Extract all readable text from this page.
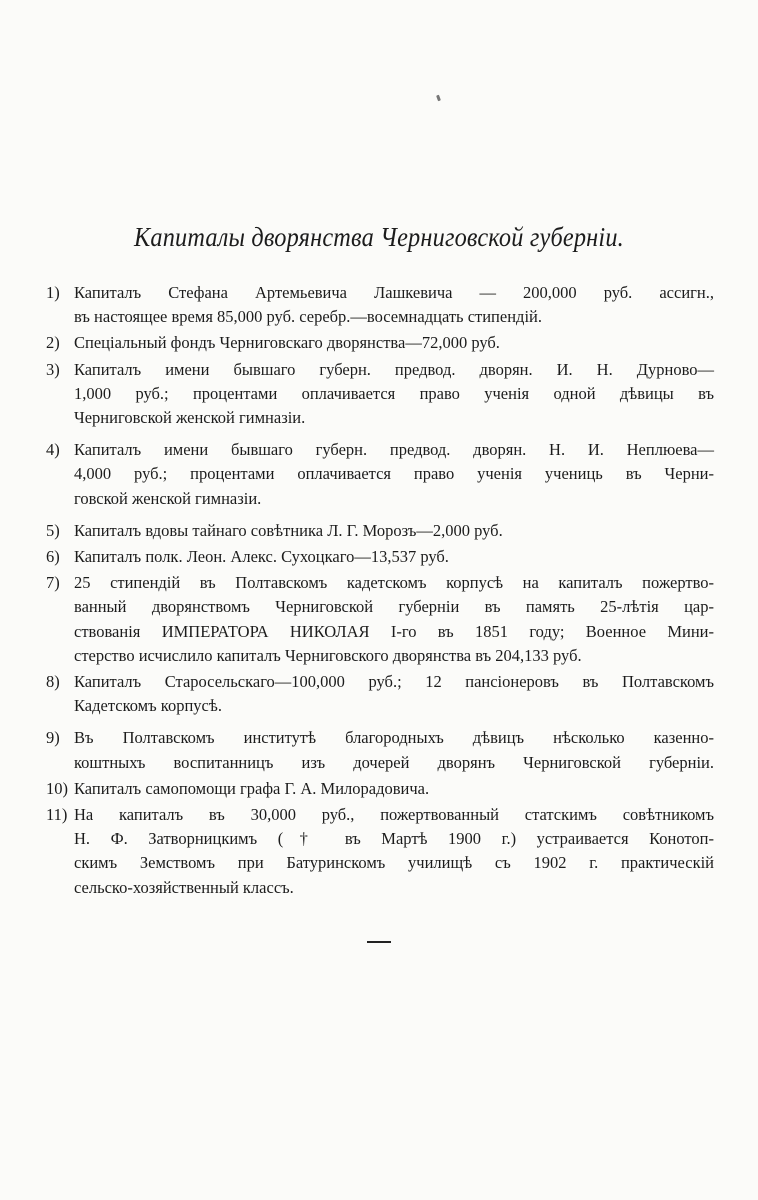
Капиталы дворянства Черниговской губерніи.
1) Капиталъ Стефана Артемьевича Лашкевича — 200,000 руб. ассигн.,
въ настоящее время 85,000 руб. серебр.—восемнадцать стипендій.
2) Спеціальный фондъ Черниговскаго дворянства—72,000 руб.
3) Капиталъ имени бывшаго губерн. предвод. дворян. И. Н. Дурново—
1,000 руб.; процентами оплачивается право ученія одной дѣвицы въ
Черниговской женской гимназіи.
4) Капиталъ имени бывшаго губерн. предвод. дворян. Н. И. Неплюева—
4,000 руб.; процентами оплачивается право ученія учениць въ Черни-
говской женской гимназіи.
5) Капиталъ вдовы тайнаго совѣтника Л. Г. Морозъ—2,000 руб.
6) Капиталъ полк. Леон. Алекс. Сухоцкаго—13,537 руб.
7) 25 стипендій въ Полтавскомъ кадетскомъ корпусѣ на капиталъ пожертво-
ванный дворянствомъ Черниговской губерніи въ память 25-лѣтія цар-
ствованія ИМПЕРАТОРА НИКОЛАЯ I-го въ 1851 году; Военное Мини-
стерство исчислило капиталъ Черниговского дворянства въ 204,133 руб.
8) Капиталъ Старосельскаго—100,000 руб.; 12 пансіонеровъ въ Полтавскомъ
Кадетскомъ корпусѣ.
9) Въ Полтавскомъ институтѣ благородныхъ дѣвицъ нѣсколько казенно-
коштныхъ воспитанницъ изъ дочерей дворянъ Черниговской губерніи.
10) Капиталъ самопомощи графа Г. А. Милорадовича.
11) На капиталъ въ 30,000 руб., пожертвованный статскимъ совѣтникомъ
Н. Ф. Затворницкимъ († въ Мартѣ 1900 г.) устраивается Конотоп-
скимъ Земствомъ при Батуринскомъ училищѣ съ 1902 г. практическій
сельско-хозяйственный классъ.
